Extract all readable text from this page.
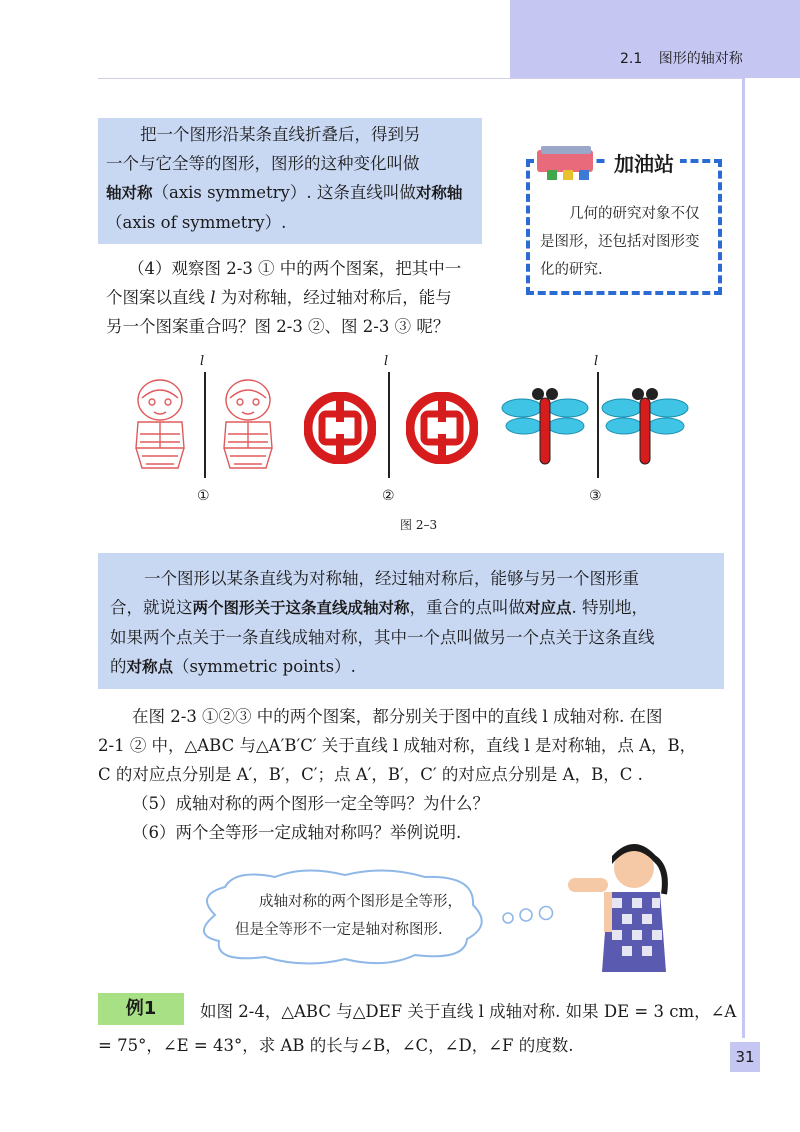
2.1 图形的轴对称

把一个图形沿某条直线折叠后，得到另

一个与它全等的图形，图形的这种变化叫做

轴对称（axis symmetry）. 这条直线叫做对称轴

（axis of symmetry）.

加油站
几何的研究对象不仅是图形，还包括对图形变化的研究.

（4）观察图 2-3 ① 中的两个图案，把其中一

个图案以直线 l 为对称轴，经过轴对称后，能与

另一个图案重合吗？图 2-3 ②、图 2-3 ③ 呢？

l
①
l
②
l
③
图 2–3

一个图形以某条直线为对称轴，经过轴对称后，能够与另一个图形重

合，就说这两个图形关于这条直线成轴对称，重合的点叫做对应点. 特别地，

如果两个点关于一条直线成轴对称，其中一个点叫做另一个点关于这条直线

的对称点（symmetric points）.

在图 2-3 ①②③ 中的两个图案，都分别关于图中的直线 l 成轴对称. 在图

2-1 ② 中，△ABC 与△A′B′C′ 关于直线 l 成轴对称，直线 l 是对称轴，点 A，B，

C 的对应点分别是 A′，B′，C′；点 A′，B′，C′ 的对应点分别是 A，B，C .

（5）成轴对称的两个图形一定全等吗？为什么？

（6）两个全等形一定成轴对称吗？举例说明.

成轴对称的两个图形是全等形，

但是全等形不一定是轴对称图形.

例1	如图 2-4，△ABC 与△DEF 关于直线 l 成轴对称. 如果 DE = 3 cm，∠A

= 75°，∠E = 43°，求 AB 的长与∠B，∠C，∠D，∠F 的度数.

31
